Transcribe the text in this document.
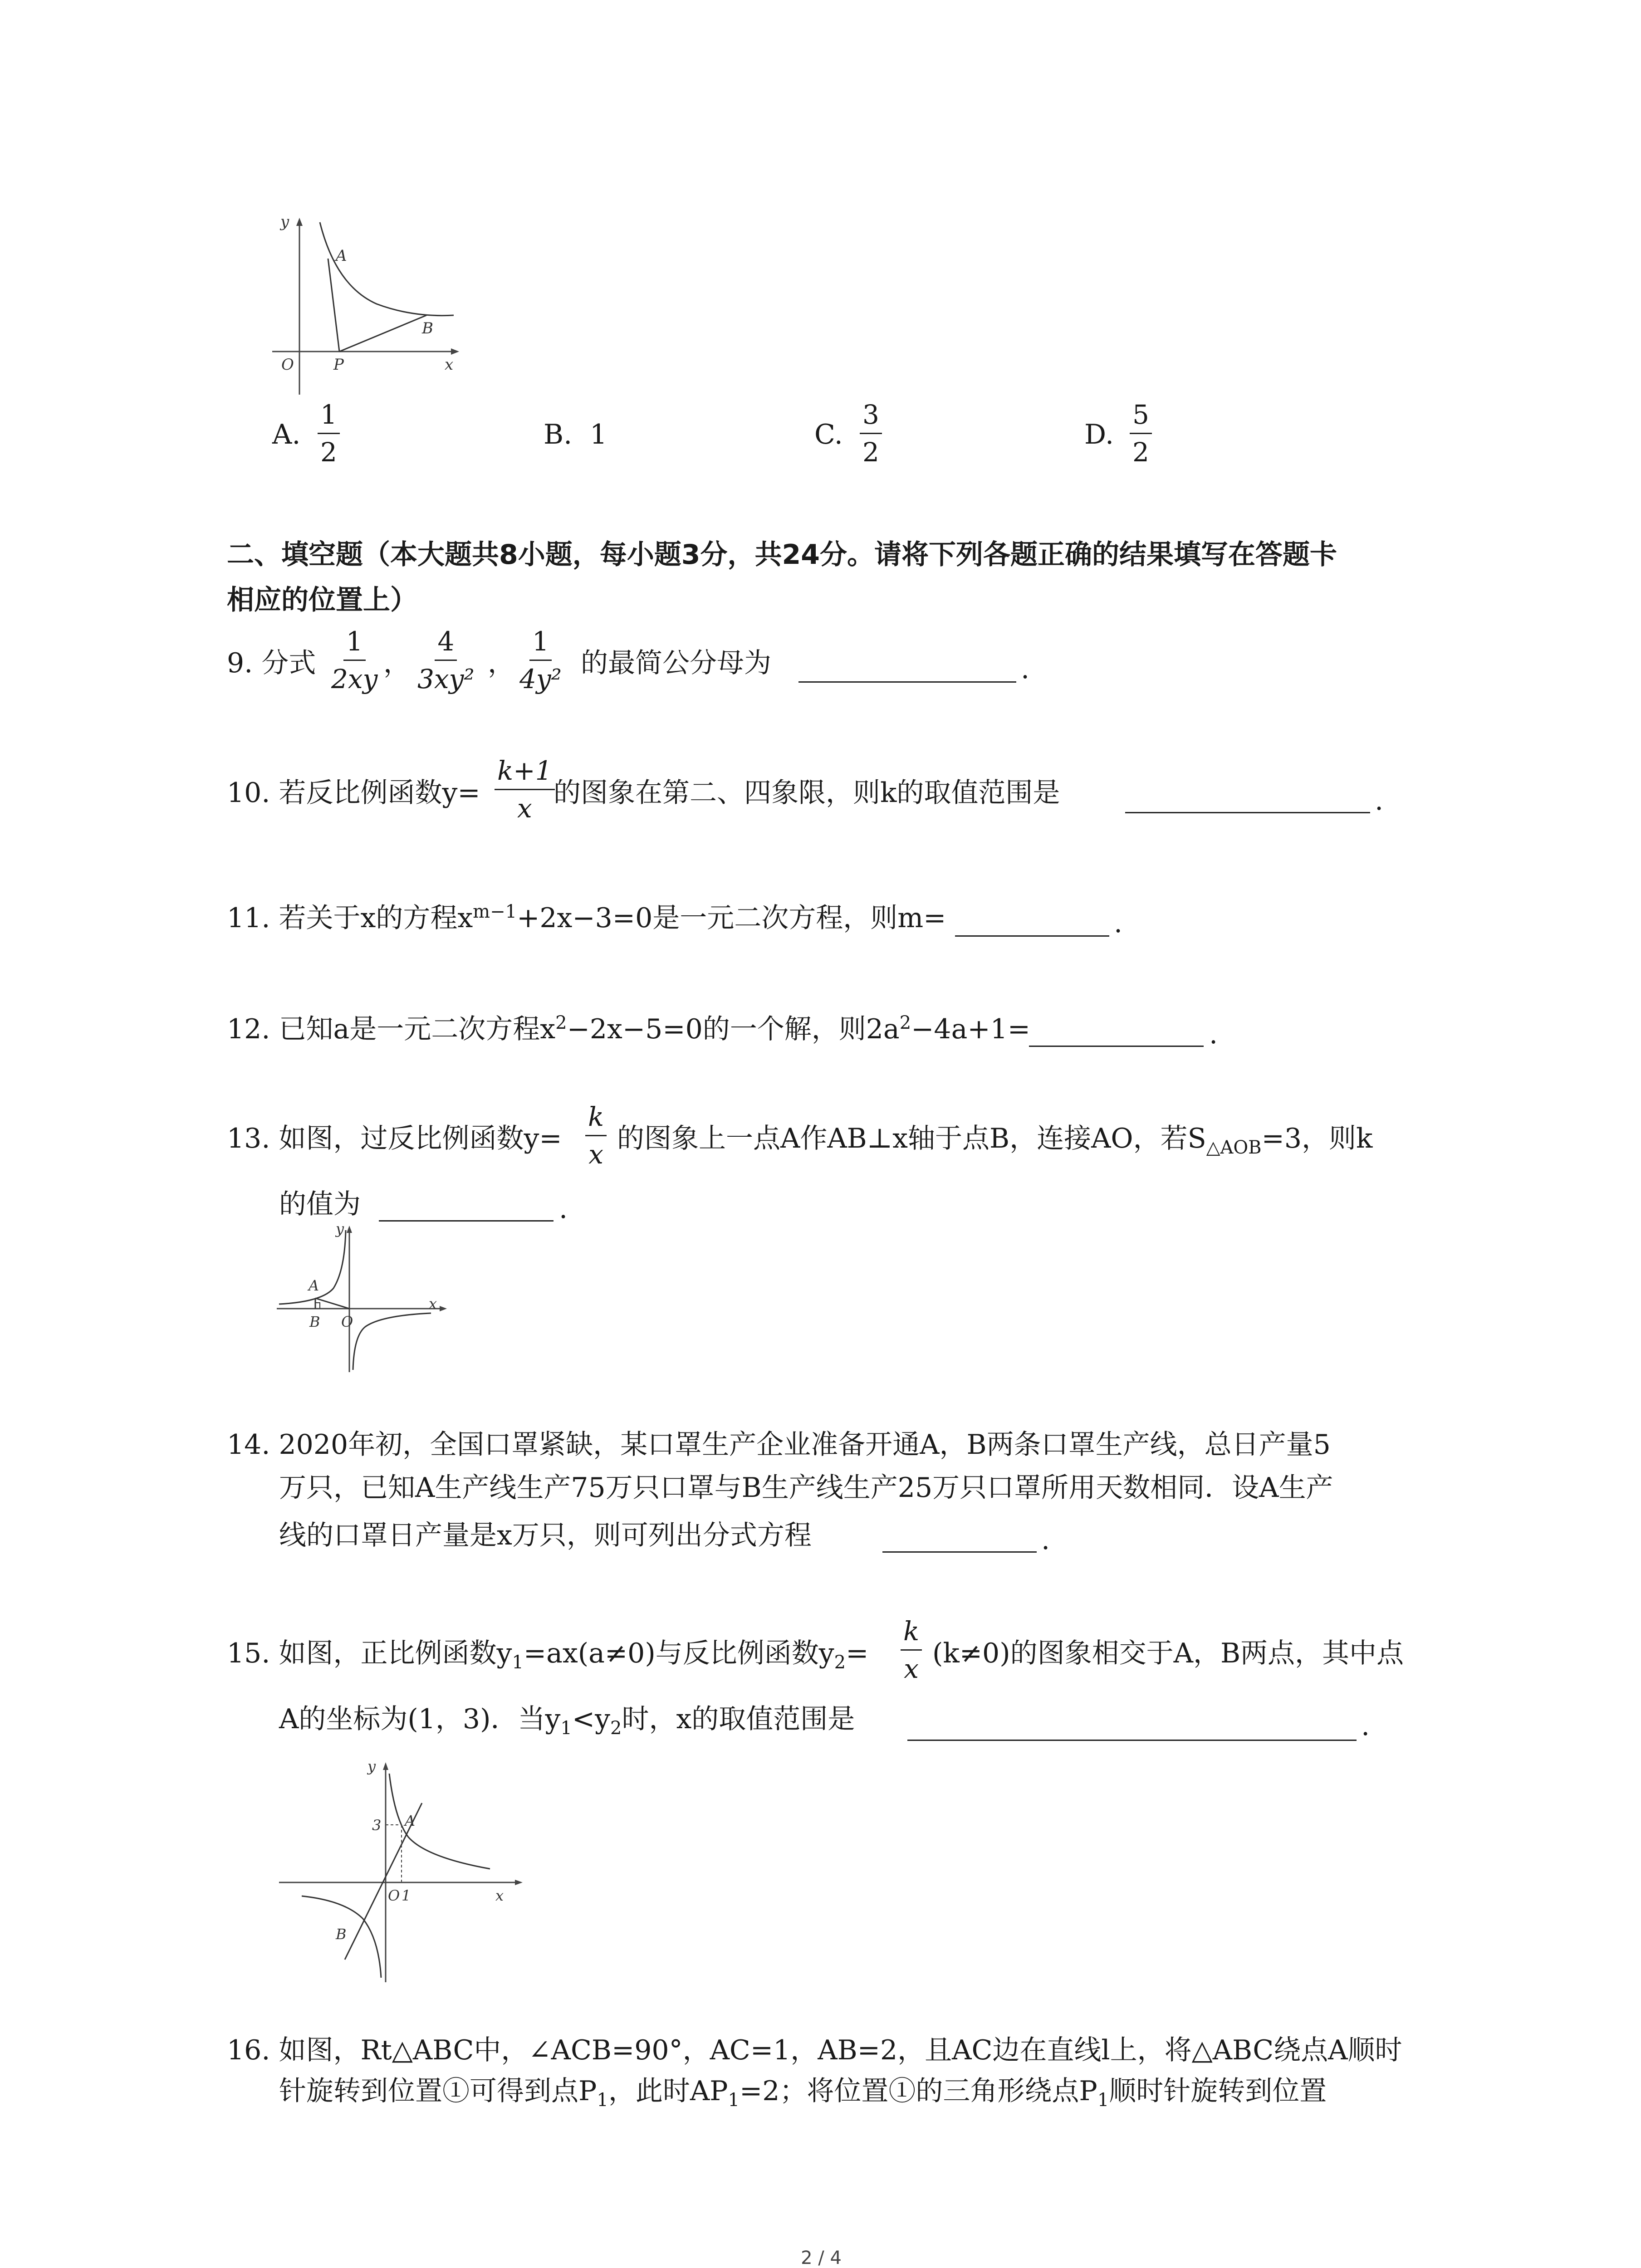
y
A
B
O	P	x
A. $\frac{1}{2}$	B. 1	C. $\frac{3}{2}$	D. $\frac{5}{2}$
二、填空题（本大题共8小题，每小题3分，共24分。请将下列各题正确的结果填写在答题卡
相应的位置上）
9. 分式 $\frac{1}{2xy}$ ， $\frac{4}{\text{3xy²}}$ ， $\frac{1}{\text{4y²}}$ 的最简公分母为	.
10. 若反比例函数$y= \frac{k+1}{x}$
的图象在第二、四象限，则k的取值范围是	.
11. 若关于x的方程$x^{m-1}+2x-3=0$是一元二次方程，则m=	.
12. 已知a是一元二次方程$x^2-2x-5=0$的一个解，则$2a^2-4a+1=$	.
13. 如图，过反比例函数$y= \frac{k}{x}$ 的图象上一点A作AB⊥x轴于点B，连接AO，若$S_{\triangle AOB}=3$，则k
的值为	.
y
A
B O
x
14. 2020年初，全国口罩紧缺，某口罩生产企业准备开通A，B两条口罩生产线，总日产量5
万只，已知A生产线生产75万只口罩与B生产线生产25万只口罩所用天数相同．设A生产
线的口罩日产量是x万只，则可列出分式方程	.
15. 如图，正比例函数$y_1=ax(a\ne 0)$与反比例函数$y_2= \frac{k}{x} (k\ne 0)$的图象相交于A，B两点，其中点
A的坐标为(1，3)．当$y_1<y_2$时，x的取值范围是	.
y
3 A
O 1	x
B
16. 如图，Rt△ABC中，∠ACB=90°，AC=1，AB=2，且AC边在直线l上，将△ABC绕点A顺时
针旋转到位置①可得到点$P_1$，此时$AP_1=2$；将位置①的三角形绕点$P_1$顺时针旋转到位置
2 / 4
